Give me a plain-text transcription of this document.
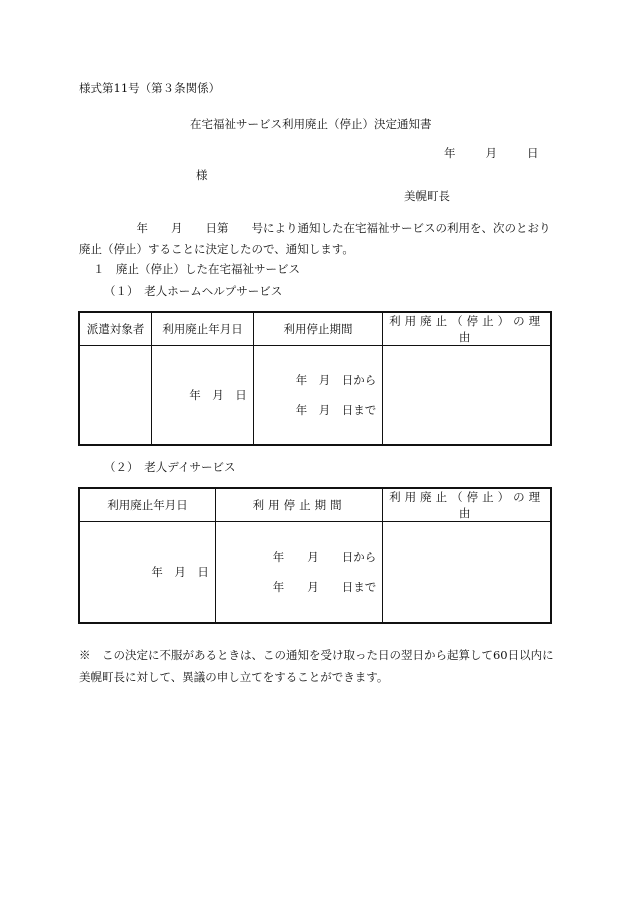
様式第11号（第３条関係）
在宅福祉サービス利用廃止（停止）決定通知書
年	月	日
様
美幌町長
　　　　　年　　月　　日第　　号により通知した在宅福祉サービスの利用を、次のとおり廃止（停止）することに決定したので、通知します。
１　廃止（停止）した在宅福祉サービス
（１）　老人ホームヘルプサービス
派遣対象者	利用廃止年月日	利用停止期間	利用廃止（停止）の理由
	年　月　日	年　月　日から
年　月　日まで	

（２）　老人デイサービス
利用廃止年月日	利用停止期間	利用廃止（停止）の理由
年　月　日	年　　月　　日から
年　　月　　日まで	

※　この決定に不服があるときは、この通知を受け取った日の翌日から起算して60日以内に美幌町長に対して、異議の申し立てをすることができます。
